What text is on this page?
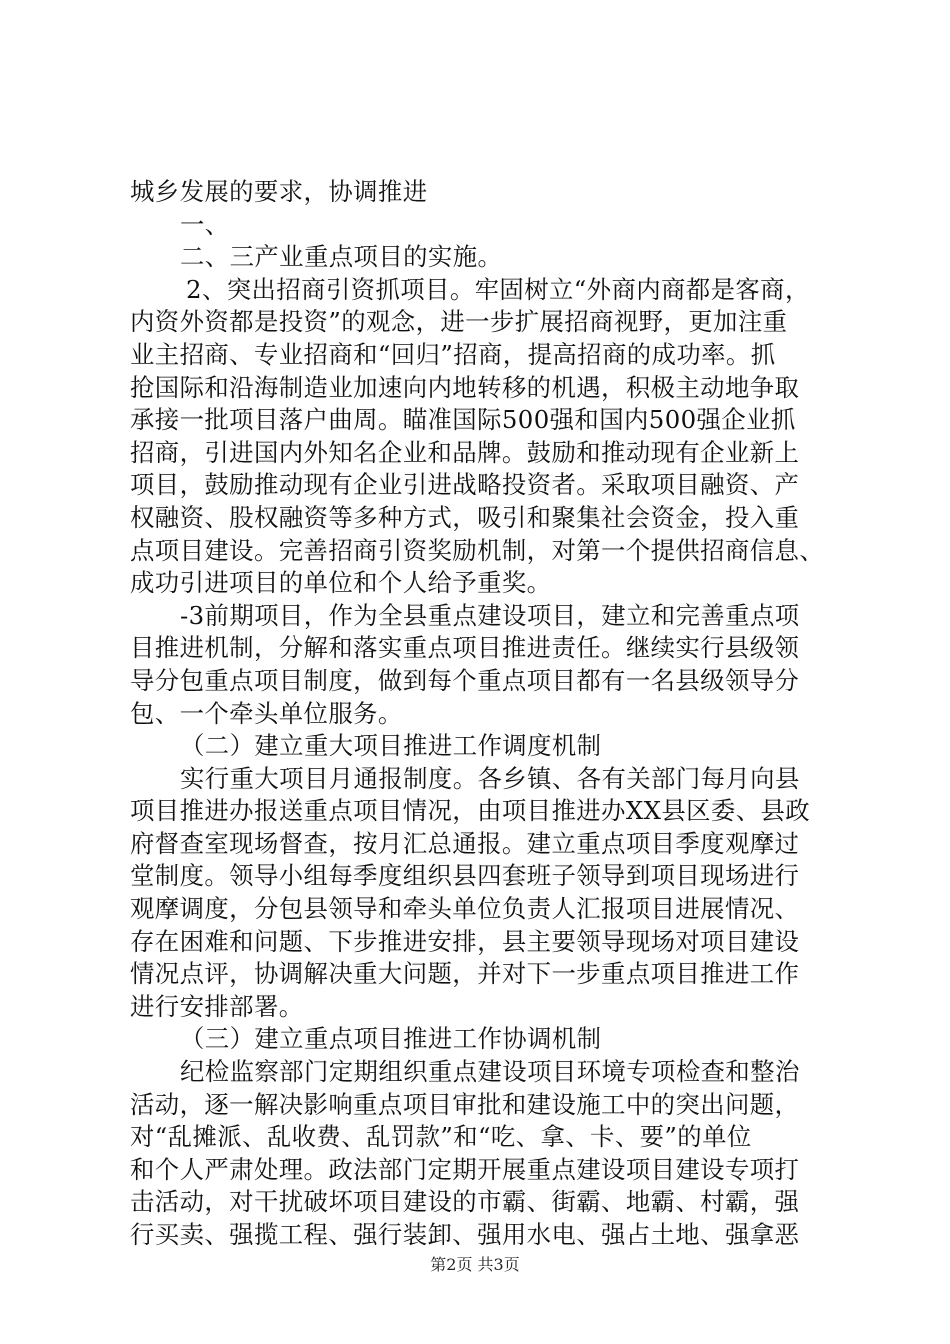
城乡发展的要求，协调推进
一、
二、三产业重点项目的实施。
2、突出招商引资抓项目。牢固树立“外商内商都是客商，
内资外资都是投资”的观念，进一步扩展招商视野，更加注重
业主招商、专业招商和“回归”招商，提高招商的成功率。抓
抢国际和沿海制造业加速向内地转移的机遇，积极主动地争取
承接一批项目落户曲周。瞄准国际500强和国内500强企业抓
招商，引进国内外知名企业和品牌。鼓励和推动现有企业新上
项目，鼓励推动现有企业引进战略投资者。采取项目融资、产
权融资、股权融资等多种方式，吸引和聚集社会资金，投入重
点项目建设。完善招商引资奖励机制，对第一个提供招商信息、
成功引进项目的单位和个人给予重奖。
-3前期项目，作为全县重点建设项目，建立和完善重点项
目推进机制，分解和落实重点项目推进责任。继续实行县级领
导分包重点项目制度，做到每个重点项目都有一名县级领导分
包、一个牵头单位服务。
（二）建立重大项目推进工作调度机制
实行重大项目月通报制度。各乡镇、各有关部门每月向县
项目推进办报送重点项目情况，由项目推进办XX县区委、县政
府督查室现场督查，按月汇总通报。建立重点项目季度观摩过
堂制度。领导小组每季度组织县四套班子领导到项目现场进行
观摩调度，分包县领导和牵头单位负责人汇报项目进展情况、
存在困难和问题、下步推进安排，县主要领导现场对项目建设
情况点评，协调解决重大问题，并对下一步重点项目推进工作
进行安排部署。
（三）建立重点项目推进工作协调机制
纪检监察部门定期组织重点建设项目环境专项检查和整治
活动，逐一解决影响重点项目审批和建设施工中的突出问题，
对“乱摊派、乱收费、乱罚款”和“吃、拿、卡、要”的单位
和个人严肃处理。政法部门定期开展重点建设项目建设专项打
击活动，对干扰破坏项目建设的市霸、街霸、地霸、村霸，强
行买卖、强揽工程、强行装卸、强用水电、强占土地、强拿恶
第2页 共3页
